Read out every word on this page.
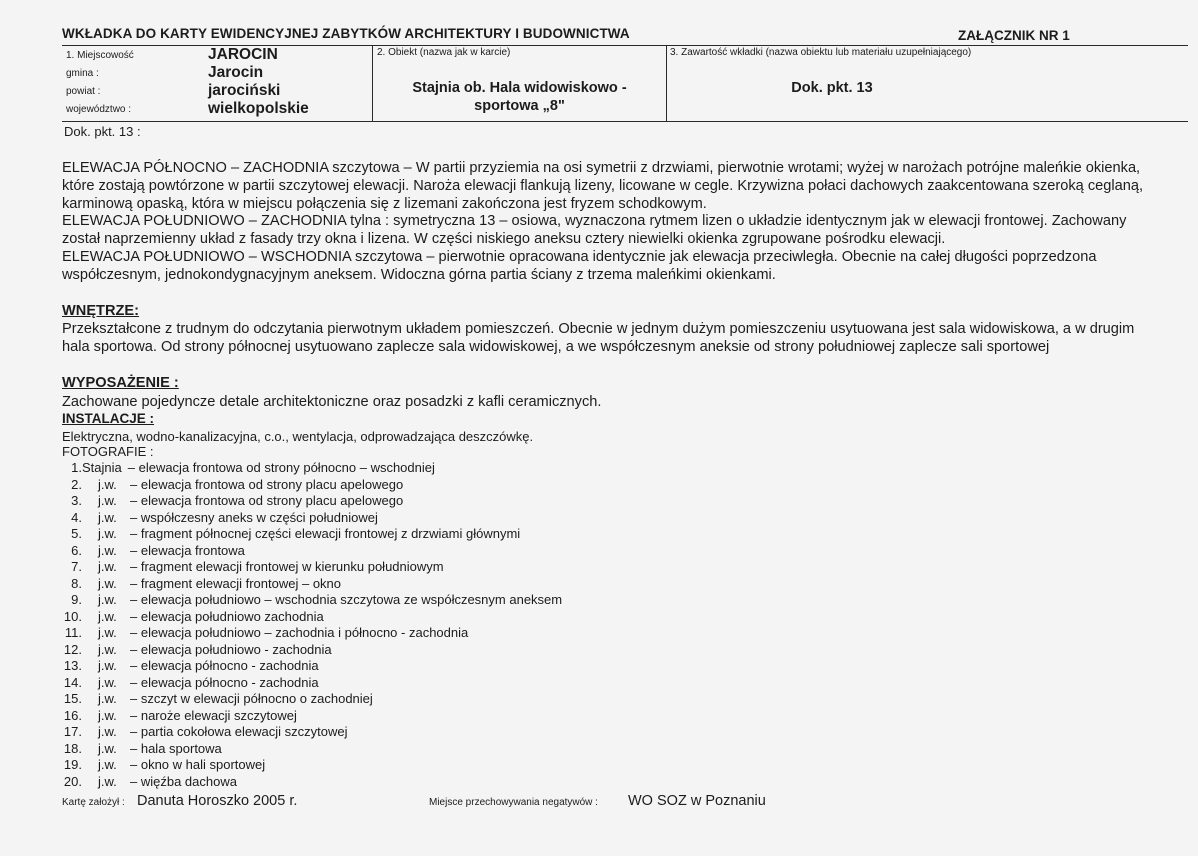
WKŁADKA DO KARTY EWIDENCYJNEJ ZABYTKÓW ARCHITEKTURY I BUDOWNICTWA	ZAŁĄCZNIK NR 1
1. Miejscowość	JAROCIN
gmina :	Jarocin
powiat :	jarociński
województwo :	wielkopolskie
2. Obiekt (nazwa jak w karcie)
Stajnia ob. Hala widowiskowo -
sportowa „8"
3. Zawartość wkładki (nazwa obiektu lub materiału uzupełniającego)
Dok. pkt. 13
Dok. pkt. 13 :
ELEWACJA PÓŁNOCNO – ZACHODNIA szczytowa – W partii przyziemia na osi symetrii z drzwiami, pierwotnie wrotami; wyżej w narożach potrójne maleńkie okienka, które zostają powtórzone w partii szczytowej elewacji. Naroża elewacji flankują lizeny, licowane w cegle. Krzywizna połaci dachowych zaakcentowana szeroką ceglaną, karminową opaską, która w miejscu połączenia się z lizemani zakończona jest fryzem schodkowym.
ELEWACJA POŁUDNIOWO – ZACHODNIA tylna : symetryczna 13 – osiowa, wyznaczona rytmem lizen o układzie identycznym jak w elewacji frontowej. Zachowany został naprzemienny układ z fasady trzy okna i lizena. W części niskiego aneksu cztery niewielki okienka zgrupowane pośrodku elewacji.
ELEWACJA POŁUDNIOWO – WSCHODNIA szczytowa – pierwotnie opracowana identycznie jak elewacja przeciwległa. Obecnie na całej długości poprzedzona współczesnym, jednokondygnacyjnym aneksem. Widoczna górna partia ściany z trzema maleńkimi okienkami.
WNĘTRZE:
Przekształcone z trudnym do odczytania pierwotnym układem pomieszczeń. Obecnie w jednym dużym pomieszczeniu usytuowana jest sala widowiskowa, a w drugim hala sportowa. Od strony północnej usytuowano zaplecze sala widowiskowej, a we współczesnym aneksie od strony południowej zaplecze sali sportowej
WYPOSAŻENIE :
Zachowane pojedyncze detale architektoniczne oraz posadzki z kafli ceramicznych.
INSTALACJE :
Elektryczna, wodno-kanalizacyjna, c.o., wentylacja, odprowadzająca deszczówkę.
FOTOGRAFIE :
1. Stajnia – elewacja frontowa od strony północno – wschodniej
2.	j.w.	– elewacja frontowa od strony placu apelowego
3.	j.w.	– elewacja frontowa od strony placu apelowego
4.	j.w.	– współczesny aneks w części południowej
5.	j.w.	– fragment północnej części elewacji frontowej z drzwiami głównymi
6.	j.w.	– elewacja frontowa
7.	j.w.	– fragment elewacji frontowej w kierunku południowym
8.	j.w.	– fragment elewacji frontowej – okno
9.	j.w.	– elewacja południowo – wschodnia szczytowa ze współczesnym aneksem
10.	j.w.	– elewacja południowo zachodnia
11.	j.w.	– elewacja południowo – zachodnia i północno - zachodnia
12.	j.w.	– elewacja południowo - zachodnia
13.	j.w.	– elewacja północno - zachodnia
14.	j.w.	– elewacja północno - zachodnia
15.	j.w.	– szczyt w elewacji północno o zachodniej
16.	j.w.	– naroże elewacji szczytowej
17.	j.w.	– partia cokołowa elewacji szczytowej
18.	j.w.	– hala sportowa
19.	j.w.	– okno w hali sportowej
20.	j.w.	– więźba dachowa
Kartę założył : Danuta Horoszko 2005 r.	Miejsce przechowywania negatywów : WO SOZ w Poznaniu
